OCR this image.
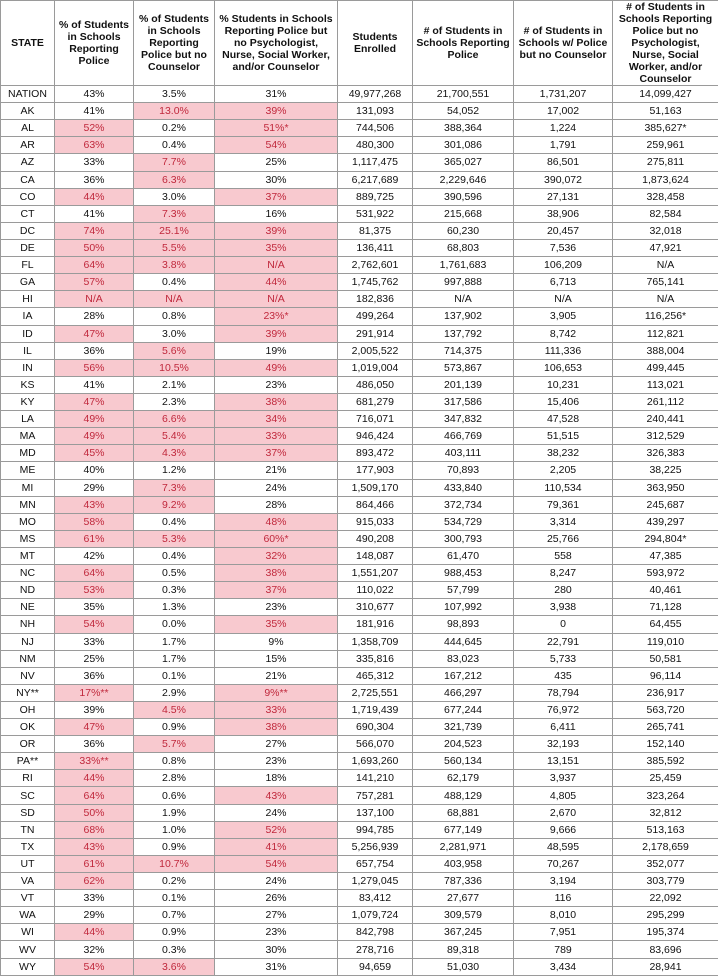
STATE	% of Students in Schools Reporting Police	% of Students in Schools Reporting Police but no Counselor	% Students in Schools Reporting Police but no Psychologist, Nurse, Social Worker, and/or Counselor	Students Enrolled	# of Students in Schools Reporting Police	# of Students in Schools w/ Police but no Counselor	# of Students in Schools Reporting Police but no Psychologist, Nurse, Social Worker, and/or Counselor
NATION	43%	3.5%	31%	49,977,268	21,700,551	1,731,207	14,099,427
AK	41%	13.0%	39%	131,093	54,052	17,002	51,163
AL	52%	0.2%	51%*	744,506	388,364	1,224	385,627*
AR	63%	0.4%	54%	480,300	301,086	1,791	259,961
AZ	33%	7.7%	25%	1,117,475	365,027	86,501	275,811
CA	36%	6.3%	30%	6,217,689	2,229,646	390,072	1,873,624
CO	44%	3.0%	37%	889,725	390,596	27,131	328,458
CT	41%	7.3%	16%	531,922	215,668	38,906	82,584
DC	74%	25.1%	39%	81,375	60,230	20,457	32,018
DE	50%	5.5%	35%	136,411	68,803	7,536	47,921
FL	64%	3.8%	N/A	2,762,601	1,761,683	106,209	N/A
GA	57%	0.4%	44%	1,745,762	997,888	6,713	765,141
HI	N/A	N/A	N/A	182,836	N/A	N/A	N/A
IA	28%	0.8%	23%*	499,264	137,902	3,905	116,256*
ID	47%	3.0%	39%	291,914	137,792	8,742	112,821
IL	36%	5.6%	19%	2,005,522	714,375	111,336	388,004
IN	56%	10.5%	49%	1,019,004	573,867	106,653	499,445
KS	41%	2.1%	23%	486,050	201,139	10,231	113,021
KY	47%	2.3%	38%	681,279	317,586	15,406	261,112
LA	49%	6.6%	34%	716,071	347,832	47,528	240,441
MA	49%	5.4%	33%	946,424	466,769	51,515	312,529
MD	45%	4.3%	37%	893,472	403,111	38,232	326,383
ME	40%	1.2%	21%	177,903	70,893	2,205	38,225
MI	29%	7.3%	24%	1,509,170	433,840	110,534	363,950
MN	43%	9.2%	28%	864,466	372,734	79,361	245,687
MO	58%	0.4%	48%	915,033	534,729	3,314	439,297
MS	61%	5.3%	60%*	490,208	300,793	25,766	294,804*
MT	42%	0.4%	32%	148,087	61,470	558	47,385
NC	64%	0.5%	38%	1,551,207	988,453	8,247	593,972
ND	53%	0.3%	37%	110,022	57,799	280	40,461
NE	35%	1.3%	23%	310,677	107,992	3,938	71,128
NH	54%	0.0%	35%	181,916	98,893	0	64,455
NJ	33%	1.7%	9%	1,358,709	444,645	22,791	119,010
NM	25%	1.7%	15%	335,816	83,023	5,733	50,581
NV	36%	0.1%	21%	465,312	167,212	435	96,114
NY**	17%**	2.9%	9%**	2,725,551	466,297	78,794	236,917
OH	39%	4.5%	33%	1,719,439	677,244	76,972	563,720
OK	47%	0.9%	38%	690,304	321,739	6,411	265,741
OR	36%	5.7%	27%	566,070	204,523	32,193	152,140
PA**	33%**	0.8%	23%	1,693,260	560,134	13,151	385,592
RI	44%	2.8%	18%	141,210	62,179	3,937	25,459
SC	64%	0.6%	43%	757,281	488,129	4,805	323,264
SD	50%	1.9%	24%	137,100	68,881	2,670	32,812
TN	68%	1.0%	52%	994,785	677,149	9,666	513,163
TX	43%	0.9%	41%	5,256,939	2,281,971	48,595	2,178,659
UT	61%	10.7%	54%	657,754	403,958	70,267	352,077
VA	62%	0.2%	24%	1,279,045	787,336	3,194	303,779
VT	33%	0.1%	26%	83,412	27,677	116	22,092
WA	29%	0.7%	27%	1,079,724	309,579	8,010	295,299
WI	44%	0.9%	23%	842,798	367,245	7,951	195,374
WV	32%	0.3%	30%	278,716	89,318	789	83,696
WY	54%	3.6%	31%	94,659	51,030	3,434	28,941
